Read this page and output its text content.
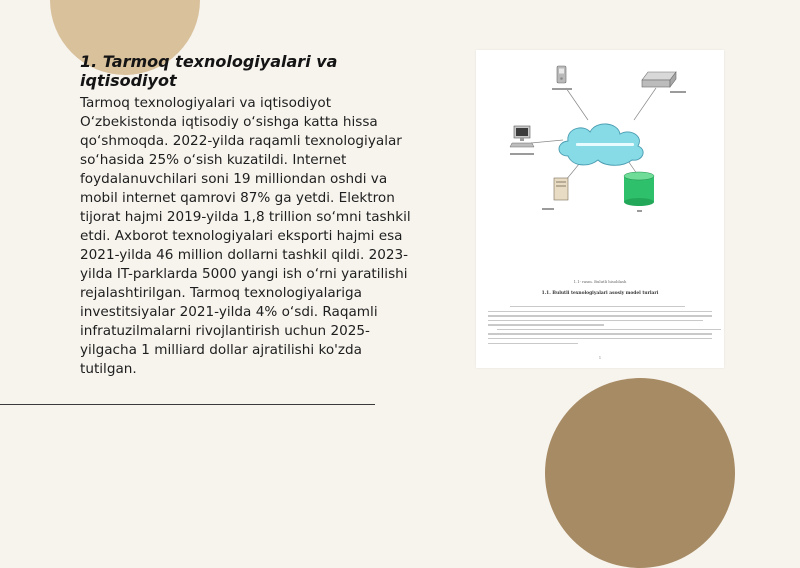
1. Tarmoq texnologiyalari va iqtisodiyot

Tarmoq texnologiyalari va iqtisodiyot O‘zbekistonda iqtisodiy o‘sishga katta hissa qo‘shmoqda. 2022-yilda raqamli texnologiyalar so‘hasida 25% o‘sish kuzatildi. Internet foydalanuvchilari soni 19 milliondan oshdi va mobil internet qamrovi 87% ga yetdi. Elektron tijorat hajmi 2019-yilda 1,8 trillion so‘mni tashkil etdi. Axborot texnologiyalari eksporti hajmi esa 2021-yilda 46 million dollarni tashkil qildi. 2023-yilda IT-parklarda 5000 yangi ish o‘rni yaratilishi rejalashtirilgan. Tarmoq texnologiyalariga investitsiyalar 2021-yilda 4% o‘sdi. Raqamli infratuzilmalarni rivojlantirish uchun 2025-yilgacha 1 milliard dollar ajratilishi ko'zda tutilgan.

1.1- rasm. Bulutli hisoblash
1.1. Bulutli texnologiyalari asosiy model turlari
1
